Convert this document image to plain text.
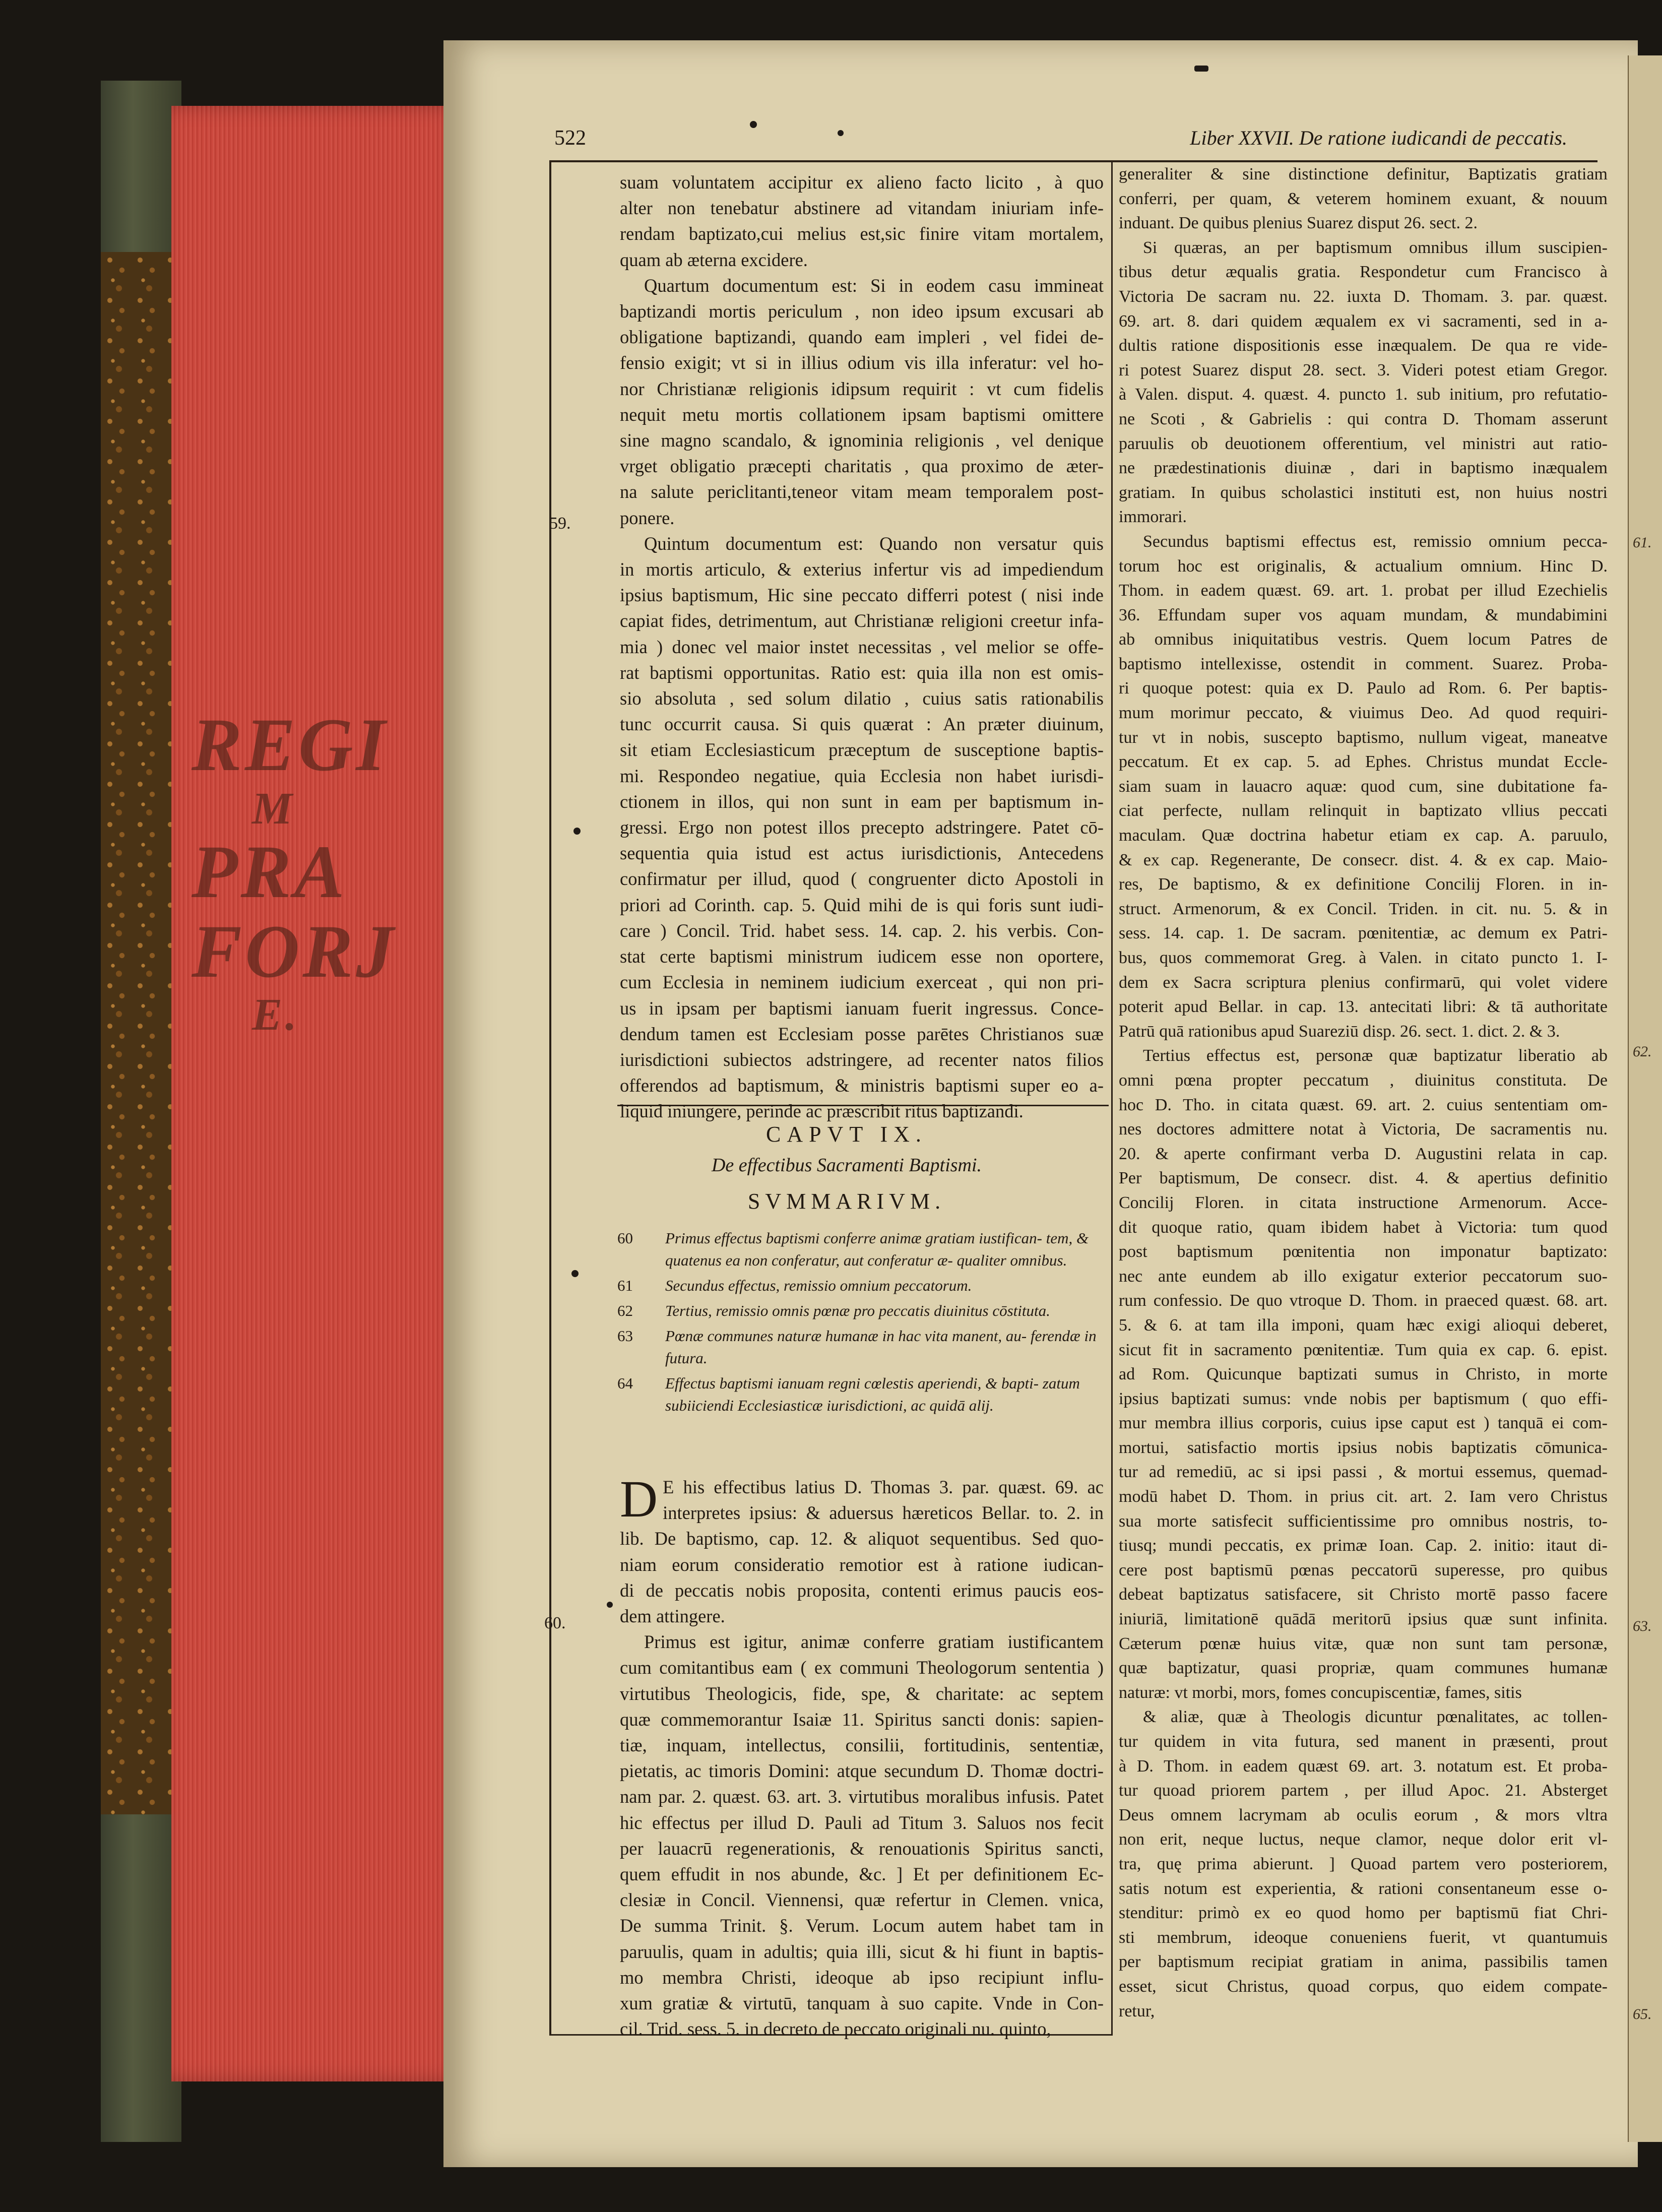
REGI
M
PRA
FORJ
E.
61.
62.
63.
65.
522	Liber XXVII. De ratione iudicandi de peccatis.
59.
60.
suam voluntatem accipitur ex alieno facto licito , à quo
alter non tenebatur abstinere ad vitandam iniuriam infe-
rendam baptizato,cui melius est,sic finire vitam mortalem,
quam ab æterna excidere.
Quartum documentum est: Si in eodem casu immineat
baptizandi mortis periculum , non ideo ipsum excusari ab
obligatione baptizandi, quando eam impleri , vel fidei de-
fensio exigit; vt si in illius odium vis illa inferatur: vel ho-
nor Christianæ religionis idipsum requirit : vt cum fidelis
nequit metu mortis collationem ipsam baptismi omittere
sine magno scandalo, & ignominia religionis , vel denique
vrget obligatio præcepti charitatis , qua proximo de æter-
na salute periclitanti,teneor vitam meam temporalem post-
ponere.
Quintum documentum est: Quando non versatur quis
in mortis articulo, & exterius infertur vis ad impediendum
ipsius baptismum, Hic sine peccato differri potest ( nisi inde
capiat fides, detrimentum, aut Christianæ religioni creetur infa-
mia ) donec vel maior instet necessitas , vel melior se offe-
rat baptismi opportunitas. Ratio est: quia illa non est omis-
sio absoluta , sed solum dilatio , cuius satis rationabilis
tunc occurrit causa. Si quis quærat : An præter diuinum,
sit etiam Ecclesiasticum præceptum de susceptione baptis-
mi. Respondeo negatiue, quia Ecclesia non habet iurisdi-
ctionem in illos, qui non sunt in eam per baptismum in-
gressi. Ergo non potest illos precepto adstringere. Patet cō-
sequentia quia istud est actus iurisdictionis, Antecedens
confirmatur per illud, quod ( congruenter dicto Apostoli in
priori ad Corinth. cap. 5. Quid mihi de is qui foris sunt iudi-
care ) Concil. Trid. habet sess. 14. cap. 2. his verbis. Con-
stat certe baptismi ministrum iudicem esse non oportere,
cum Ecclesia in neminem iudicium exerceat , qui non pri-
us in ipsam per baptismi ianuam fuerit ingressus. Conce-
dendum tamen est Ecclesiam posse parētes Christianos suæ
iurisdictioni subiectos adstringere, ad recenter natos filios
offerendos ad baptismum, & ministris baptismi super eo a-
liquid iniungere, perinde ac præscribit ritus baptizandi.
CAPVT IX.
De effectibus Sacramenti Baptismi.
SVMMARIVM.
60 Primus effectus baptismi conferre animæ gratiam iustifican- tem, & quatenus ea non conferatur, aut conferatur æ- qualiter omnibus.
61 Secundus effectus, remissio omnium peccatorum.
62 Tertius, remissio omnis pœnæ pro peccatis diuinitus cōstituta.
63 Pœnæ communes naturæ humanæ in hac vita manent, au- ferendæ in futura.
64 Effectus baptismi ianuam regni cœlestis aperiendi, & bapti- zatum subiiciendi Ecclesiasticæ iurisdictioni, ac quidā alij.
D E his effectibus latius D. Thomas 3. par. quæst. 69. ac
interpretes ipsius: & aduersus hæreticos Bellar. to. 2. in
lib. De baptismo, cap. 12. & aliquot sequentibus. Sed quo-
niam eorum consideratio remotior est à ratione iudican-
di de peccatis nobis proposita, contenti erimus paucis eos-
dem attingere.
Primus est igitur, animæ conferre gratiam iustificantem
cum comitantibus eam ( ex communi Theologorum sententia )
virtutibus Theologicis, fide, spe, & charitate: ac septem
quæ commemorantur Isaiæ 11. Spiritus sancti donis: sapien-
tiæ, inquam, intellectus, consilii, fortitudinis, sententiæ,
pietatis, ac timoris Domini: atque secundum D. Thomæ doctri-
nam par. 2. quæst. 63. art. 3. virtutibus moralibus infusis. Patet
hic effectus per illud D. Pauli ad Titum 3. Saluos nos fecit
per lauacrū regenerationis, & renouationis Spiritus sancti,
quem effudit in nos abunde, &c. ] Et per definitionem Ec-
clesiæ in Concil. Viennensi, quæ refertur in Clemen. vnica,
De summa Trinit. §. Verum. Locum autem habet tam in
paruulis, quam in adultis; quia illi, sicut & hi fiunt in baptis-
mo membra Christi, ideoque ab ipso recipiunt influ-
xum gratiæ & virtutū, tanquam à suo capite. Vnde in Con-
cil. Trid. sess. 5. in decreto de peccato originali nu. quinto,
generaliter & sine distinctione definitur, Baptizatis gratiam
conferri, per quam, & veterem hominem exuant, & nouum
induant. De quibus plenius Suarez disput 26. sect. 2.
Si quæras, an per baptismum omnibus illum suscipien-
tibus detur æqualis gratia. Respondetur cum Francisco à
Victoria De sacram nu. 22. iuxta D. Thomam. 3. par. quæst.
69. art. 8. dari quidem æqualem ex vi sacramenti, sed in a-
dultis ratione dispositionis esse inæqualem. De qua re vide-
ri potest Suarez disput 28. sect. 3. Videri potest etiam Gregor.
à Valen. disput. 4. quæst. 4. puncto 1. sub initium, pro refutatio-
ne Scoti , & Gabrielis : qui contra D. Thomam asserunt
paruulis ob deuotionem offerentium, vel ministri aut ratio-
ne prædestinationis diuinæ , dari in baptismo inæqualem
gratiam. In quibus scholastici instituti est, non huius nostri
immorari.
Secundus baptismi effectus est, remissio omnium pecca-
torum hoc est originalis, & actualium omnium. Hinc D.
Thom. in eadem quæst. 69. art. 1. probat per illud Ezechielis
36. Effundam super vos aquam mundam, & mundabimini
ab omnibus iniquitatibus vestris. Quem locum Patres de
baptismo intellexisse, ostendit in comment. Suarez. Proba-
ri quoque potest: quia ex D. Paulo ad Rom. 6. Per baptis-
mum morimur peccato, & viuimus Deo. Ad quod requiri-
tur vt in nobis, suscepto baptismo, nullum vigeat, maneatve
peccatum. Et ex cap. 5. ad Ephes. Christus mundat Eccle-
siam suam in lauacro aquæ: quod cum, sine dubitatione fa-
ciat perfecte, nullam relinquit in baptizato vllius peccati
maculam. Quæ doctrina habetur etiam ex cap. A. paruulo,
& ex cap. Regenerante, De consecr. dist. 4. & ex cap. Maio-
res, De baptismo, & ex definitione Concilij Floren. in in-
struct. Armenorum, & ex Concil. Triden. in cit. nu. 5. & in
sess. 14. cap. 1. De sacram. pœnitentiæ, ac demum ex Patri-
bus, quos commemorat Greg. à Valen. in citato puncto 1. I-
dem ex Sacra scriptura plenius confirmarū, qui volet videre
poterit apud Bellar. in cap. 13. antecitati libri: & tā authoritate
Patrū quā rationibus apud Suareziū disp. 26. sect. 1. dict. 2. & 3.
Tertius effectus est, personæ quæ baptizatur liberatio ab
omni pœna propter peccatum , diuinitus constituta. De
hoc D. Tho. in citata quæst. 69. art. 2. cuius sententiam om-
nes doctores admittere notat à Victoria, De sacramentis nu.
20. & aperte confirmant verba D. Augustini relata in cap.
Per baptismum, De consecr. dist. 4. & apertius definitio
Concilij Floren. in citata instructione Armenorum. Acce-
dit quoque ratio, quam ibidem habet à Victoria: tum quod
post baptismum pœnitentia non imponatur baptizato:
nec ante eundem ab illo exigatur exterior peccatorum suo-
rum confessio. De quo vtroque D. Thom. in praeced quæst. 68. art.
5. & 6. at tam illa imponi, quam hæc exigi alioqui deberet,
sicut fit in sacramento pœnitentiæ. Tum quia ex cap. 6. epist.
ad Rom. Quicunque baptizati sumus in Christo, in morte
ipsius baptizati sumus: vnde nobis per baptismum ( quo effi-
mur membra illius corporis, cuius ipse caput est ) tanquā ei com-
mortui, satisfactio mortis ipsius nobis baptizatis cōmunica-
tur ad remediū, ac si ipsi passi , & mortui essemus, quemad-
modū habet D. Thom. in prius cit. art. 2. Iam vero Christus
sua morte satisfecit sufficientissime pro omnibus nostris, to-
tiusq; mundi peccatis, ex primæ Ioan. Cap. 2. initio: itaut di-
cere post baptismū pœnas peccatorū superesse, pro quibus
debeat baptizatus satisfacere, sit Christo mortē passo facere
iniuriā, limitationē quādā meritorū ipsius quæ sunt infinita.
Cæterum pœnæ huius vitæ, quæ non sunt tam personæ,
quæ baptizatur, quasi propriæ, quam communes humanæ
naturæ: vt morbi, mors, fomes concupiscentiæ, fames, sitis
& aliæ, quæ à Theologis dicuntur pœnalitates, ac tollen-
tur quidem in vita futura, sed manent in præsenti, prout
à D. Thom. in eadem quæst 69. art. 3. notatum est. Et proba-
tur quoad priorem partem , per illud Apoc. 21. Absterget
Deus omnem lacrymam ab oculis eorum , & mors vltra
non erit, neque luctus, neque clamor, neque dolor erit vl-
tra, quę prima abierunt. ] Quoad partem vero posteriorem,
satis notum est experientia, & rationi consentaneum esse o-
stenditur: primò ex eo quod homo per baptismū fiat Chri-
sti membrum, ideoque conueniens fuerit, vt quantumuis
per baptismum recipiat gratiam in anima, passibilis tamen
esset, sicut Christus, quoad corpus, quo eidem compate-
retur,
